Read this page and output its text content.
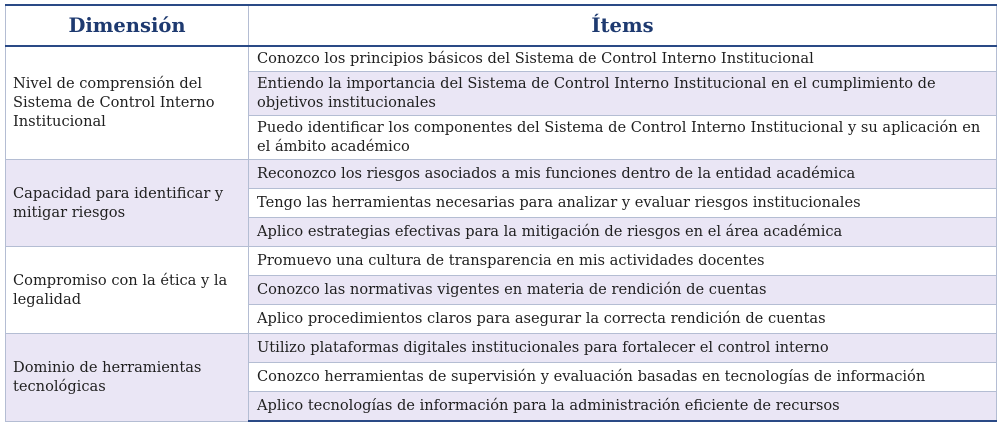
Dimensión	Ítems
Nivel de comprensión del Sistema de Control Interno Institucional	Conozco los principios básicos del Sistema de Control Interno Institucional
	Entiendo la importancia del Sistema de Control Interno Institucional en el cumplimiento de objetivos institucionales
	Puedo identificar los componentes del Sistema de Control Interno Institucional y su aplicación en el ámbito académico
Capacidad para identificar y mitigar riesgos	Reconozco los riesgos asociados a mis funciones dentro de la entidad académica
	Tengo las herramientas necesarias para analizar y evaluar riesgos institucionales
	Aplico estrategias efectivas para la mitigación de riesgos en el área académica
Compromiso con la ética y la legalidad	Promuevo una cultura de transparencia en mis actividades docentes
	Conozco las normativas vigentes en materia de rendición de cuentas
	Aplico procedimientos claros para asegurar la correcta rendición de cuentas
Dominio de herramientas tecnológicas	Utilizo plataformas digitales institucionales para fortalecer el control interno
	Conozco herramientas de supervisión y evaluación basadas en tecnologías de información
	Aplico tecnologías de información para la administración eficiente de recursos
